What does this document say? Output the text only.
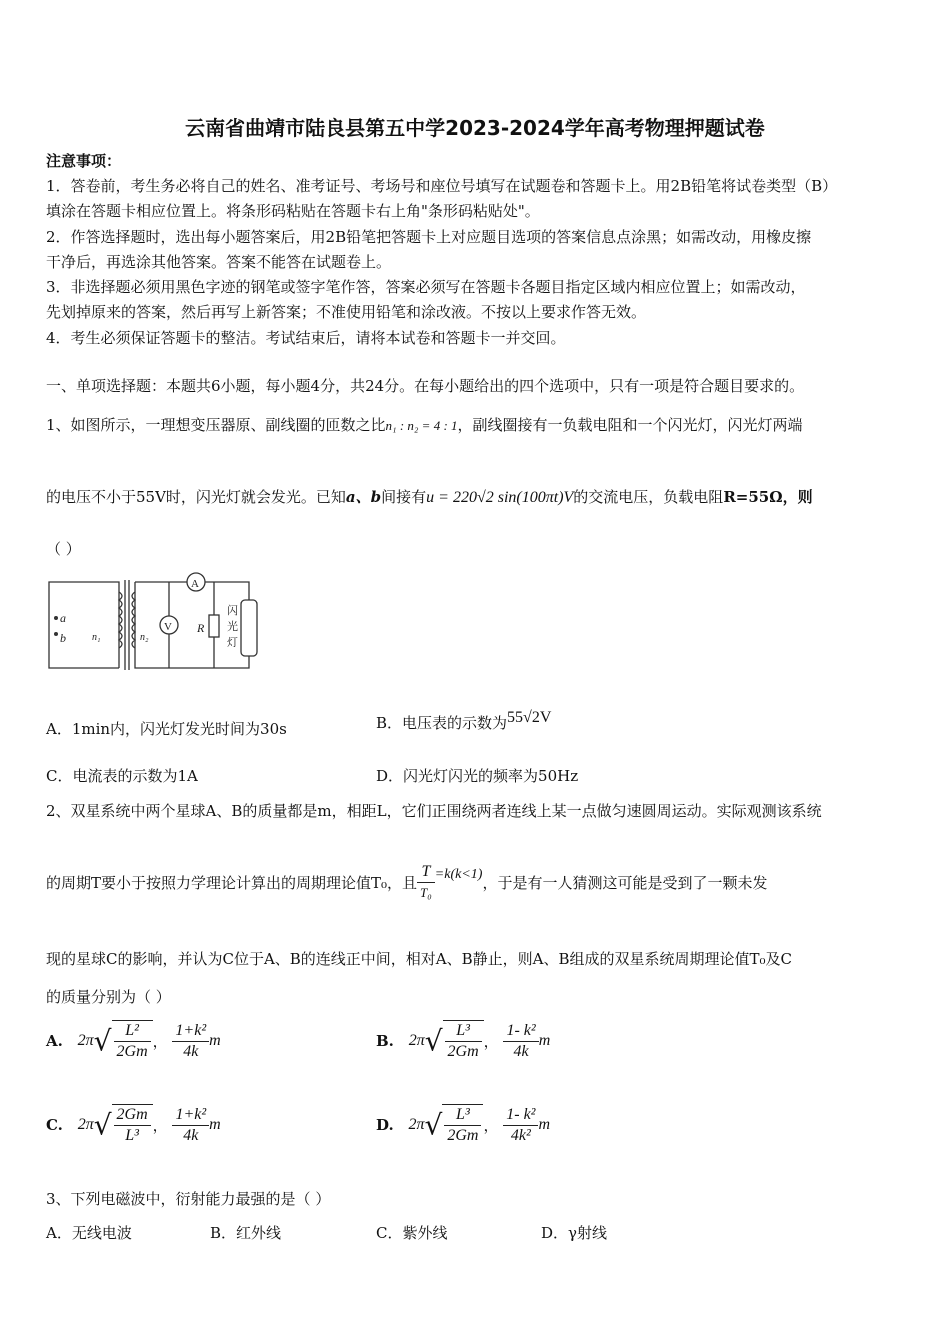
云南省曲靖市陆良县第五中学2023-2024学年高考物理押题试卷
注意事项：
1．答卷前，考生务必将自己的姓名、准考证号、考场号和座位号填写在试题卷和答题卡上。用2B铅笔将试卷类型（B）
填涂在答题卡相应位置上。将条形码粘贴在答题卡右上角"条形码粘贴处"。
2．作答选择题时，选出每小题答案后，用2B铅笔把答题卡上对应题目选项的答案信息点涂黑；如需改动，用橡皮擦
干净后，再选涂其他答案。答案不能答在试题卷上。
3．非选择题必须用黑色字迹的钢笔或签字笔作答，答案必须写在答题卡各题目指定区域内相应位置上；如需改动，
先划掉原来的答案，然后再写上新答案；不准使用铅笔和涂改液。不按以上要求作答无效。
4．考生必须保证答题卡的整洁。考试结束后，请将本试卷和答题卡一并交回。
一、单项选择题：本题共6小题，每小题4分，共24分。在每小题给出的四个选项中，只有一项是符合题目要求的。
1、如图所示，一理想变压器原、副线圈的匝数之比n₁ : n₂ = 4 : 1，副线圈接有一负载电阻和一个闪光灯，闪光灯两端
的电压不小于55V时，闪光灯就会发光。已知a、b间接有u = 220√2 sin(100πt)V的交流电压，负载电阻R=55Ω，则
（ ）
a
b	n₁	n₂
A
V R
闪
光
灯
A．1min内，闪光灯发光时间为30s	B．电压表的示数为55√2V
C．电流表的示数为1A	D．闪光灯闪光的频率为50Hz
2、双星系统中两个星球A、B的质量都是m，相距L，它们正围绕两者连线上某一点做匀速圆周运动。实际观测该系统
的周期T要小于按照力学理论计算出的周期理论值T₀，且 $\frac{T}{\text{T₀}} =k(k<1)$，于是有一人猜测这可能是受到了一颗未发
现的星球C的影响，并认为C位于A、B的连线正中间，相对A、B静止，则A、B组成的双星系统周期理论值T₀及C
的质量分别为（ ）
A. $2\pi√ \frac{\text{L²}}{2Gm}$ ， $\frac{\text{1+k²}}{4k}$ m	B. $2\pi√ \frac{\text{L³}}{2Gm}$ ， $\frac{\text{1- k²}}{4k}$ m
C. $2\pi√ \frac{2Gm}{\text{L³}}$ ， $\frac{\text{1+k²}}{4k}$ m	D. $2\pi√ \frac{\text{L³}}{2Gm}$ ， $\frac{\text{1- k²}}{\text{4k²}}$ m
3、下列电磁波中，衍射能力最强的是（ ）
A．无线电波	B．红外线	C．紫外线	D．γ射线
